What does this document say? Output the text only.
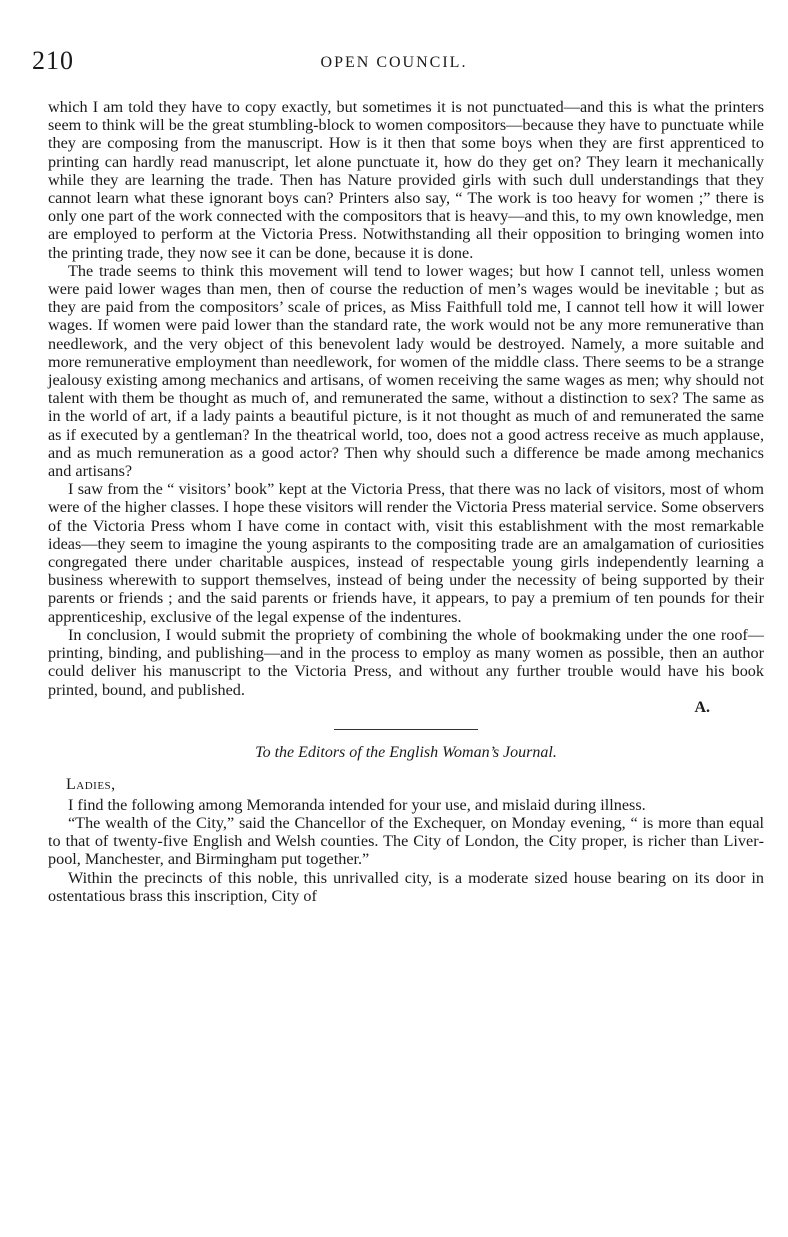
210	OPEN COUNCIL.

which I am told they have to copy exactly, but sometimes it is not punctuated—and this is what the printers seem to think will be the great stumbling-block to women compositors—because they have to punctuate while they are composing from the manuscript. How is it then that some boys when they are first apprenticed to printing can hardly read manuscript, let alone punctuate it, how do they get on? They learn it mechanically while they are learning the trade. Then has Nature provided girls with such dull understandings that they cannot learn what these ignorant boys can? Printers also say, “ The work is too heavy for women ;” there is only one part of the work connected with the compositors that is heavy—and this, to my own knowledge, men are employed to perform at the Victoria Press. Notwithstanding all their opposition to bringing women into the printing trade, they now see it can be done, because it is done.

The trade seems to think this movement will tend to lower wages; but how I cannot tell, unless women were paid lower wages than men, then of course the reduction of men’s wages would be inevitable ; but as they are paid from the compositors’ scale of prices, as Miss Faithfull told me, I cannot tell how it will lower wages. If women were paid lower than the standard rate, the work would not be any more remunerative than needlework, and the very object of this benevolent lady would be destroyed. Namely, a more suitable and more remunerative employment than needlework, for women of the middle class. There seems to be a strange jealousy existing among mechanics and artisans, of women receiving the same wages as men; why should not talent with them be thought as much of, and remunerated the same, without a distinction to sex? The same as in the world of art, if a lady paints a beautiful picture, is it not thought as much of and remunerated the same as if executed by a gentleman? In the theatrical world, too, does not a good actress receive as much applause, and as much remuneration as a good actor? Then why should such a difference be made among mechanics and artisans?

I saw from the “ visitors’ book” kept at the Victoria Press, that there was no lack of visitors, most of whom were of the higher classes. I hope these visitors will render the Victoria Press material service. Some observers of the Victoria Press whom I have come in contact with, visit this establishment with the most remarkable ideas—they seem to imagine the young aspirants to the compositing trade are an amalgamation of curiosities congregated there under charitable auspices, instead of respectable young girls independently learning a business wherewith to support themselves, instead of being under the necessity of being supported by their parents or friends ; and the said parents or friends have, it appears, to pay a premium of ten pounds for their apprenticeship, exclusive of the legal expense of the indentures.

In conclusion, I would submit the propriety of combining the whole of bookmaking under the one roof—printing, binding, and publishing—and in the process to employ as many women as possible, then an author could deliver his manuscript to the Victoria Press, and without any further trouble would have his book printed, bound, and published.

A.

To the Editors of the English Woman’s Journal.

Ladies,

I find the following among Memoranda intended for your use, and mislaid during illness.

“The wealth of the City,” said the Chancellor of the Exchequer, on Monday evening, “ is more than equal to that of twenty-five English and Welsh counties. The City of London, the City proper, is richer than Liverpool, Manchester, and Birmingham put together.”

Within the precincts of this noble, this unrivalled city, is a moderate sized house bearing on its door in ostentatious brass this inscription, City of
